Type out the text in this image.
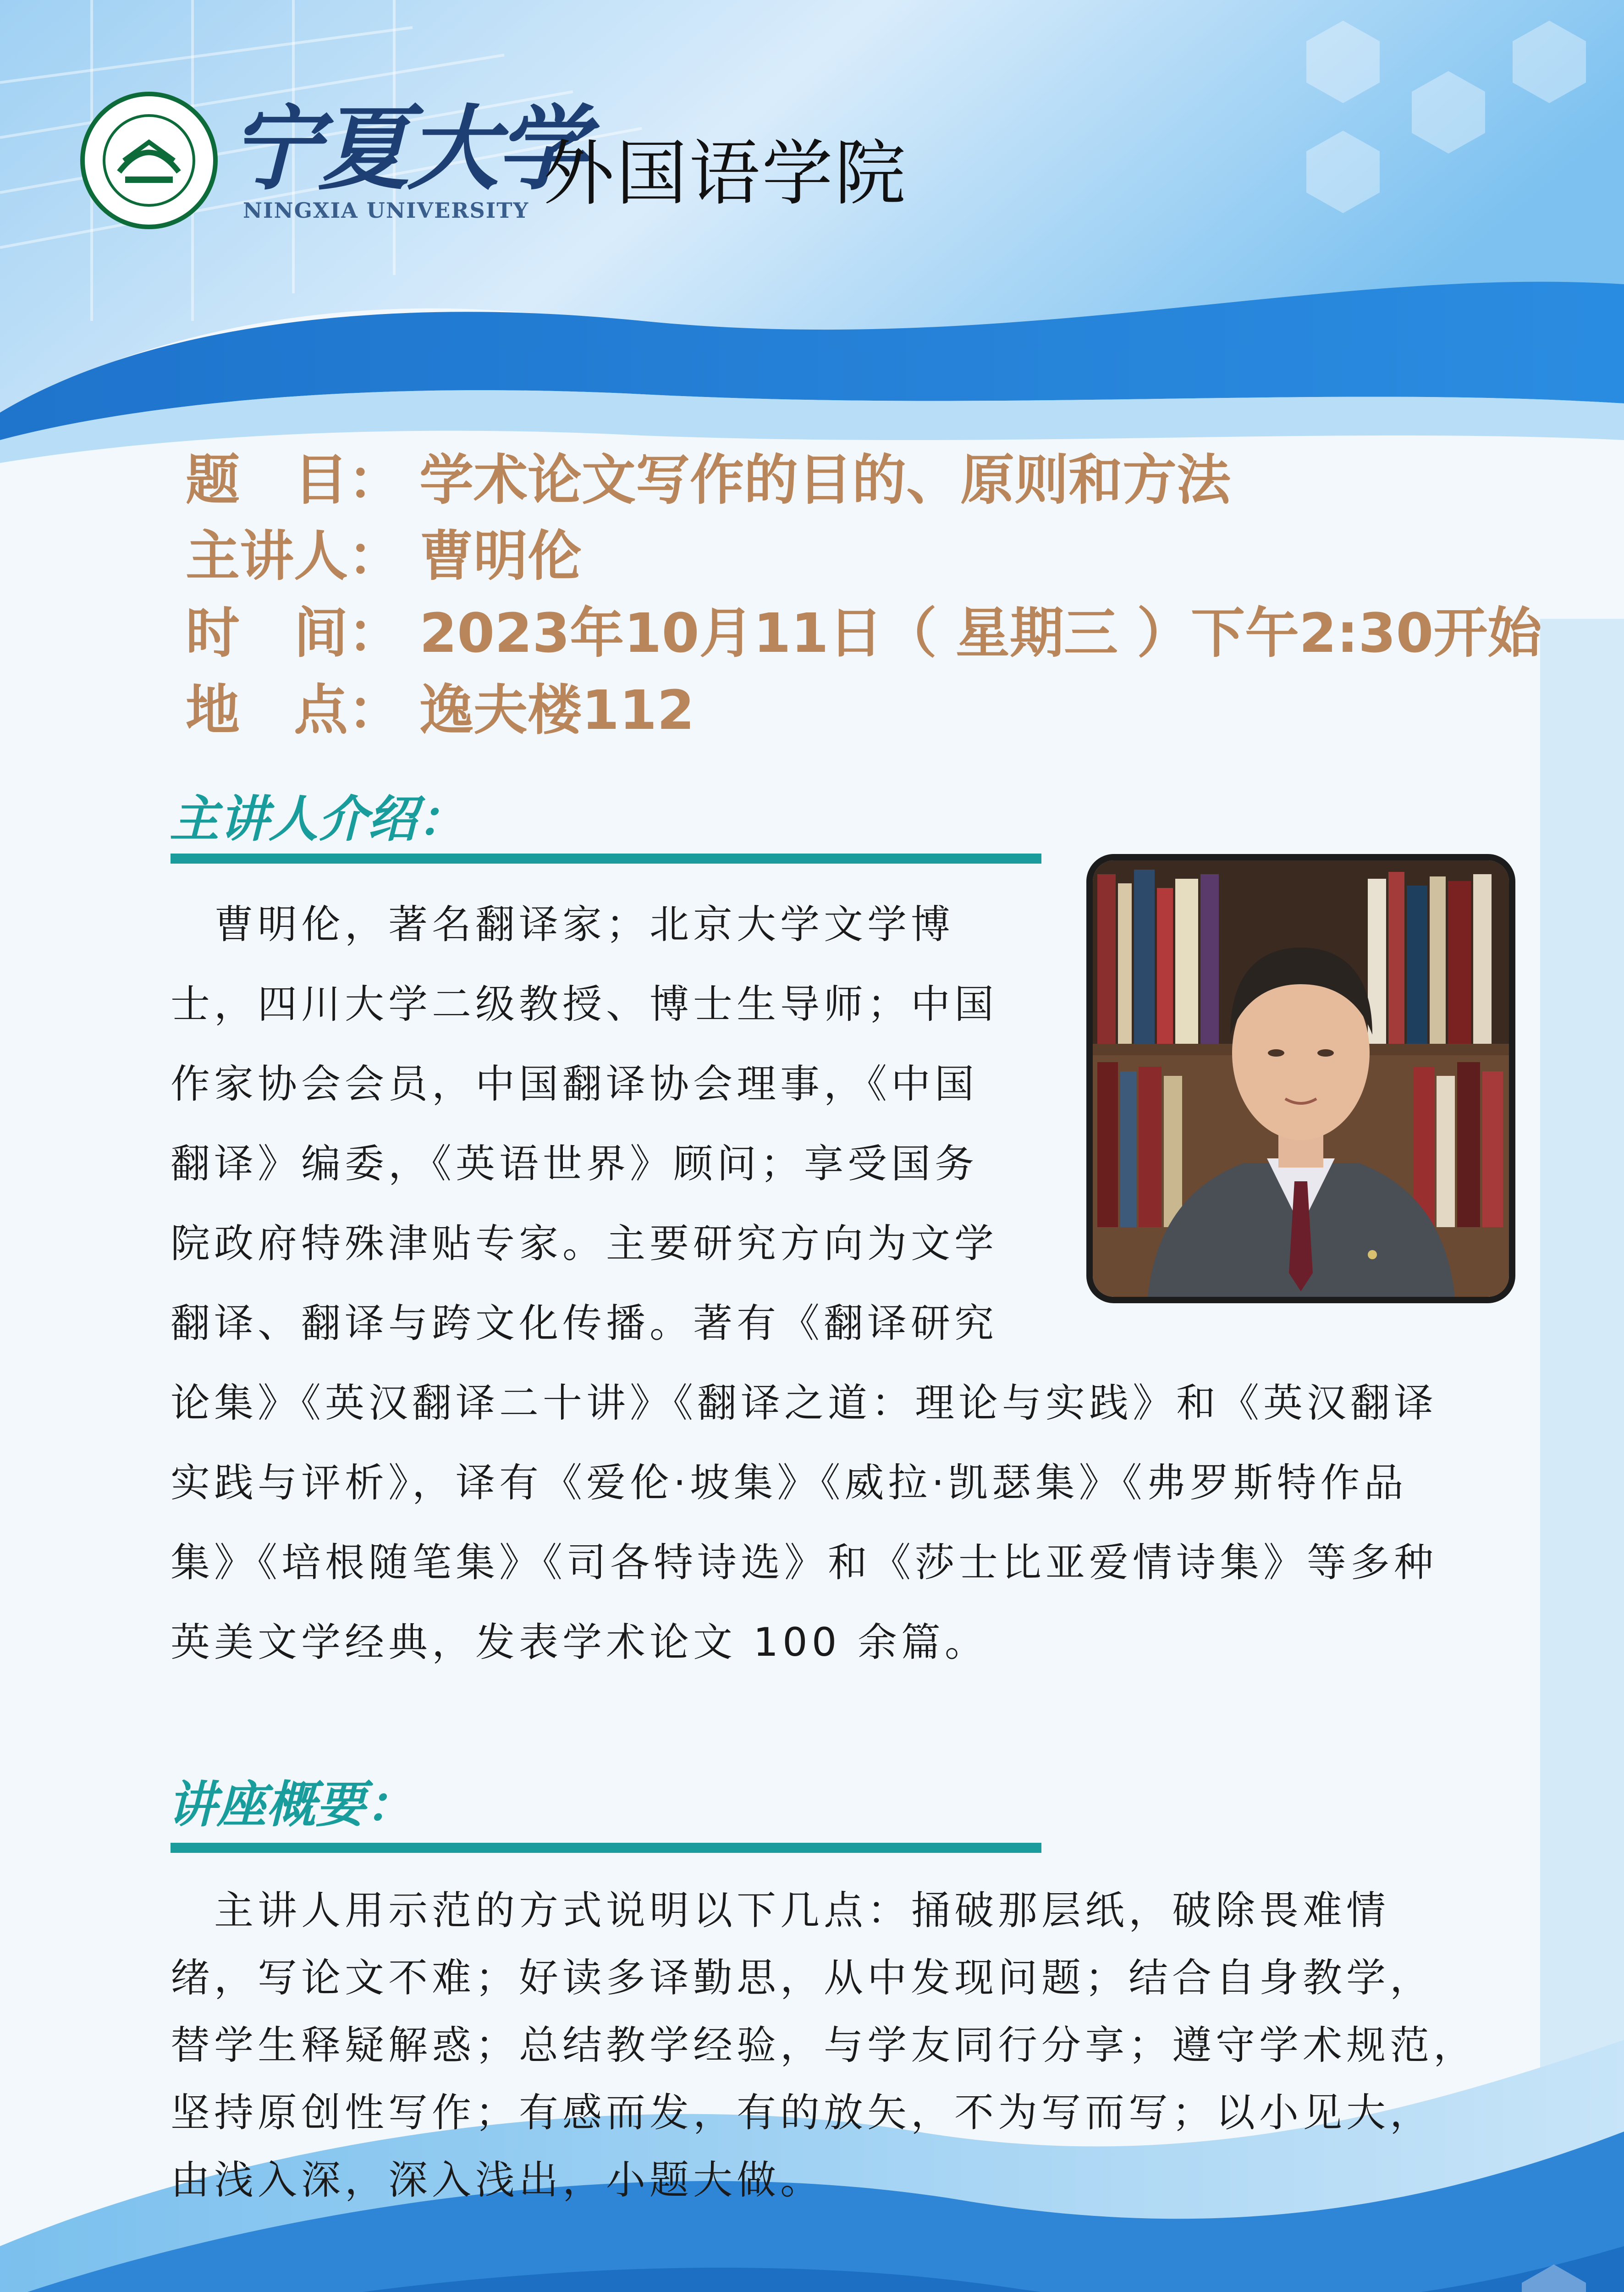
宁夏大学
NINGXIA UNIVERSITY 外国语学院
题　目： 学术论文写作的目的、原则和方法
主讲人： 曹明伦
时　间： 2023年10月11日（ 星期三 ）下午2:30开始
地　点： 逸夫楼112
主讲人介绍：
　曹明伦，著名翻译家；北京大学文学博
士，四川大学二级教授、博士生导师；中国
作家协会会员，中国翻译协会理事，《中国
翻译》编委，《英语世界》顾问；享受国务
院政府特殊津贴专家。主要研究方向为文学
翻译、翻译与跨文化传播。著有《翻译研究
论集》《英汉翻译二十讲》《翻译之道：理论与实践》和《英汉翻译
实践与评析》，译有《爱伦·坡集》《威拉·凯瑟集》《弗罗斯特作品
集》《培根随笔集》《司各特诗选》和《莎士比亚爱情诗集》等多种
英美文学经典，发表学术论文 100 余篇。
讲座概要：
　主讲人用示范的方式说明以下几点：捅破那层纸，破除畏难情
绪，写论文不难；好读多译勤思，从中发现问题；结合自身教学，
替学生释疑解惑；总结教学经验，与学友同行分享；遵守学术规范，
坚持原创性写作；有感而发，有的放矢，不为写而写；以小见大，
由浅入深，深入浅出，小题大做。
